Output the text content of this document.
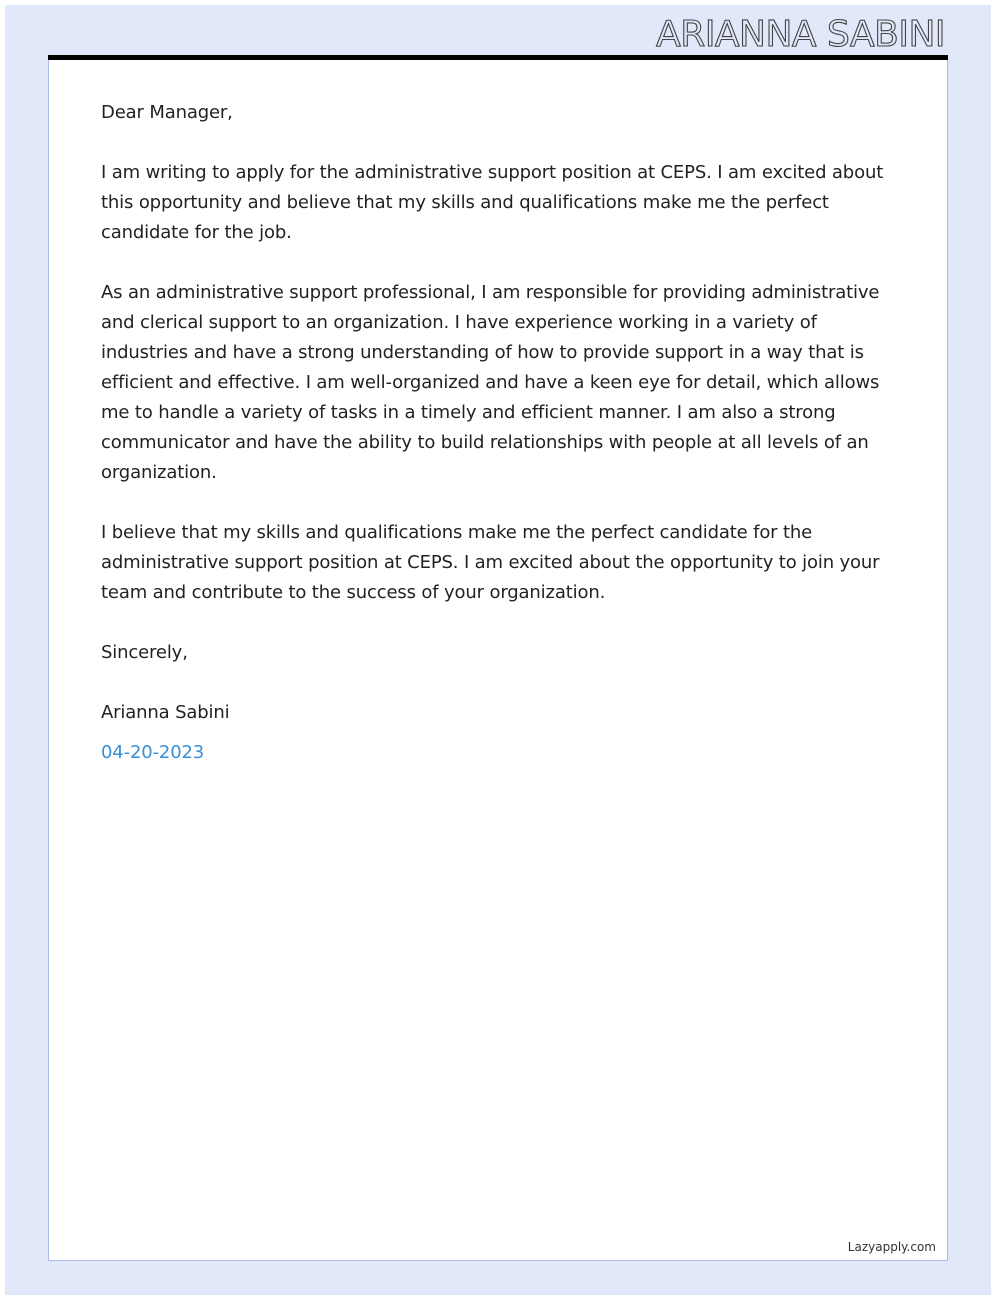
ARIANNA SABINI

Dear Manager,

I am writing to apply for the administrative support position at CEPS. I am excited about this opportunity and believe that my skills and qualifications make me the perfect candidate for the job.

As an administrative support professional, I am responsible for providing administrative and clerical support to an organization. I have experience working in a variety of industries and have a strong understanding of how to provide support in a way that is efficient and effective. I am well-organized and have a keen eye for detail, which allows me to handle a variety of tasks in a timely and efficient manner. I am also a strong communicator and have the ability to build relationships with people at all levels of an organization.

I believe that my skills and qualifications make me the perfect candidate for the administrative support position at CEPS. I am excited about the opportunity to join your team and contribute to the success of your organization.

Sincerely,

Arianna Sabini

04-20-2023

Lazyapply.com
